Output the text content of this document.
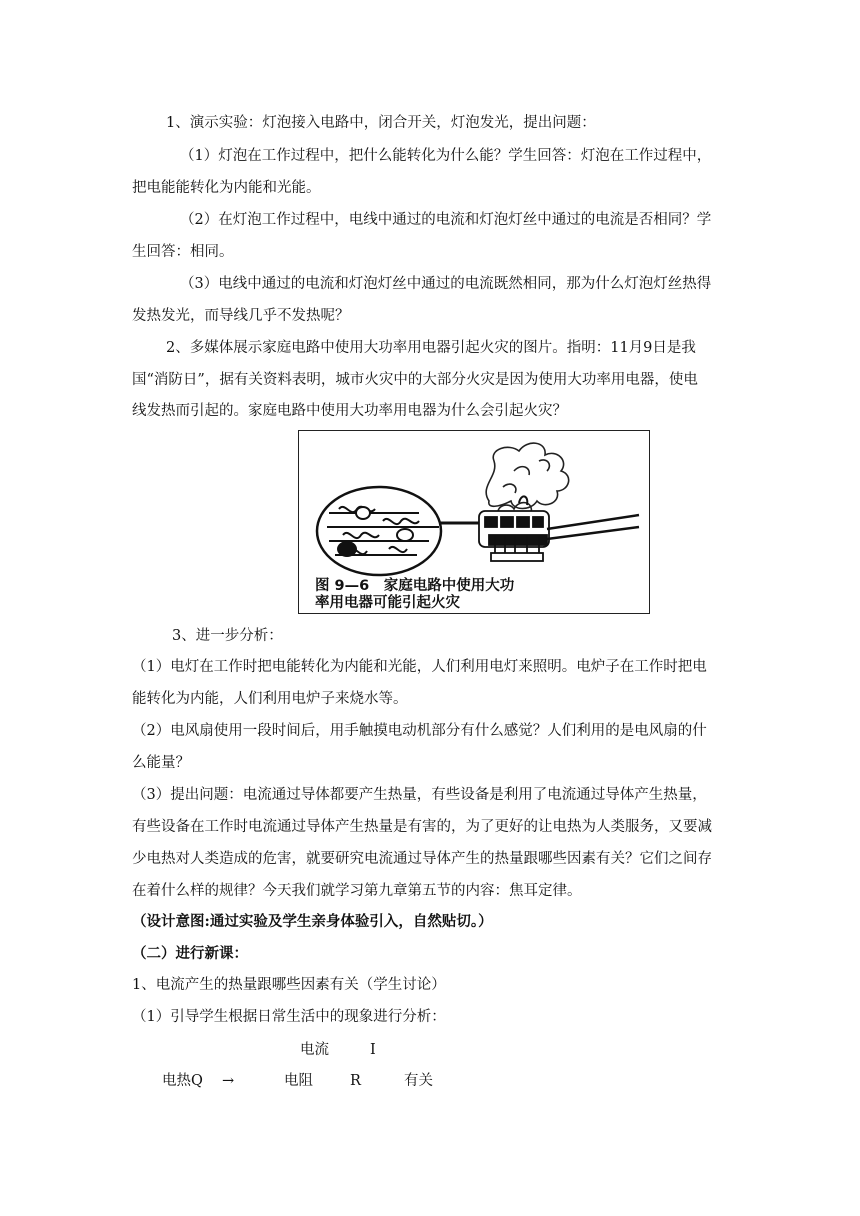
1、演示实验：灯泡接入电路中，闭合开关，灯泡发光，提出问题：
（1）灯泡在工作过程中，把什么能转化为什么能？学生回答：灯泡在工作过程中，
把电能能转化为内能和光能。
（2）在灯泡工作过程中，电线中通过的电流和灯泡灯丝中通过的电流是否相同？学
生回答：相同。
（3）电线中通过的电流和灯泡灯丝中通过的电流既然相同，那为什么灯泡灯丝热得
发热发光，而导线几乎不发热呢？
2、多媒体展示家庭电路中使用大功率用电器引起火灾的图片。指明：11月9日是我
国“消防日”，据有关资料表明，城市火灾中的大部分火灾是因为使用大功率用电器，使电
线发热而引起的。家庭电路中使用大功率用电器为什么会引起火灾？
图 9—6　家庭电路中使用大功
率用电器可能引起火灾
3、进一步分析：
（1）电灯在工作时把电能转化为内能和光能，人们利用电灯来照明。电炉子在工作时把电
能转化为内能，人们利用电炉子来烧水等。
（2）电风扇使用一段时间后，用手触摸电动机部分有什么感觉？人们利用的是电风扇的什
么能量？
（3）提出问题：电流通过导体都要产生热量，有些设备是利用了电流通过导体产生热量，
有些设备在工作时电流通过导体产生热量是有害的，为了更好的让电热为人类服务，又要减
少电热对人类造成的危害，就要研究电流通过导体产生的热量跟哪些因素有关？它们之间存
在着什么样的规律？今天我们就学习第九章第五节的内容：焦耳定律。
（设计意图:通过实验及学生亲身体验引入，自然贴切。）
（二）进行新课：
1、电流产生的热量跟哪些因素有关（学生讨论）
（1）引导学生根据日常生活中的现象进行分析：
电流	I
电热Q →	电阻	R	有关
